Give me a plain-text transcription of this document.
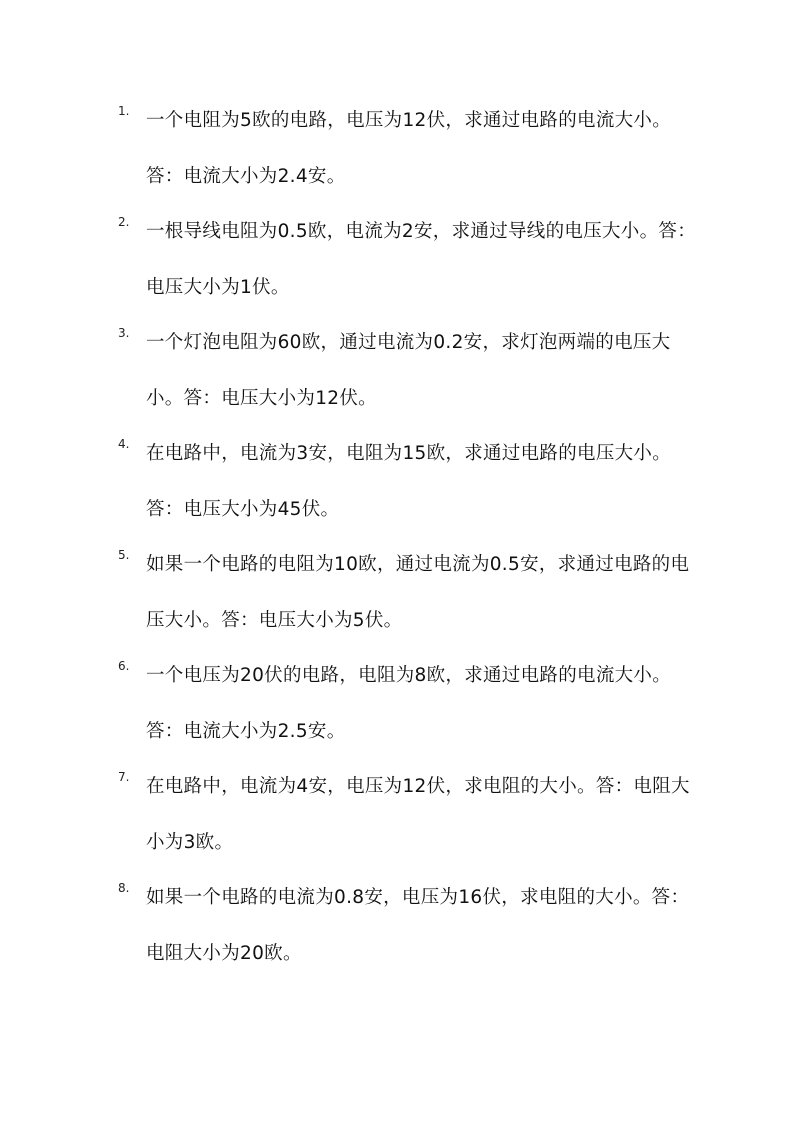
1. 一个电阻为5欧的电路，电压为12伏，求通过电路的电流大小。答：电流大小为2.4安。
2. 一根导线电阻为0.5欧，电流为2安，求通过导线的电压大小。答：电压大小为1伏。
3. 一个灯泡电阻为60欧，通过电流为0.2安，求灯泡两端的电压大小。答：电压大小为12伏。
4. 在电路中，电流为3安，电阻为15欧，求通过电路的电压大小。答：电压大小为45伏。
5. 如果一个电路的电阻为10欧，通过电流为0.5安，求通过电路的电压大小。答：电压大小为5伏。
6. 一个电压为20伏的电路，电阻为8欧，求通过电路的电流大小。答：电流大小为2.5安。
7. 在电路中，电流为4安，电压为12伏，求电阻的大小。答：电阻大小为3欧。
8. 如果一个电路的电流为0.8安，电压为16伏，求电阻的大小。答：电阻大小为20欧。
